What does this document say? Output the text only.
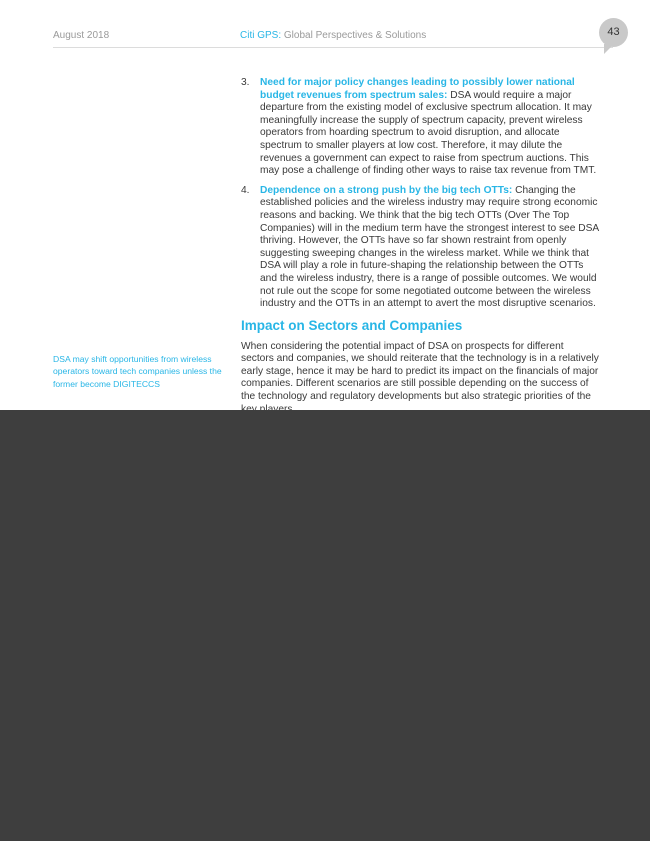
August 2018	Citi GPS: Global Perspectives & Solutions	43
3. Need for major policy changes leading to possibly lower national budget revenues from spectrum sales: DSA would require a major departure from the existing model of exclusive spectrum allocation. It may meaningfully increase the supply of spectrum capacity, prevent wireless operators from hoarding spectrum to avoid disruption, and allocate spectrum to smaller players at low cost. Therefore, it may dilute the revenues a government can expect to raise from spectrum auctions. This may pose a challenge of finding other ways to raise tax revenue from TMT.
4. Dependence on a strong push by the big tech OTTs: Changing the established policies and the wireless industry may require strong economic reasons and backing. We think that the big tech OTTs (Over The Top Companies) will in the medium term have the strongest interest to see DSA thriving. However, the OTTs have so far shown restraint from openly suggesting sweeping changes in the wireless market. While we think that DSA will play a role in future-shaping the relationship between the OTTs and the wireless industry, there is a range of possible outcomes. We would not rule out the scope for some negotiated outcome between the wireless industry and the OTTs in an attempt to avert the most disruptive scenarios.
Impact on Sectors and Companies

When considering the potential impact of DSA on prospects for different sectors and companies, we should reiterate that the technology is in a relatively early stage, hence it may be hard to predict its impact on the financials of major companies. Different scenarios are still possible depending on the success of the technology and regulatory developments but also strategic priorities of the

DSA may shift opportunities from wireless operators toward tech companies unless the former become DIGITECCS
